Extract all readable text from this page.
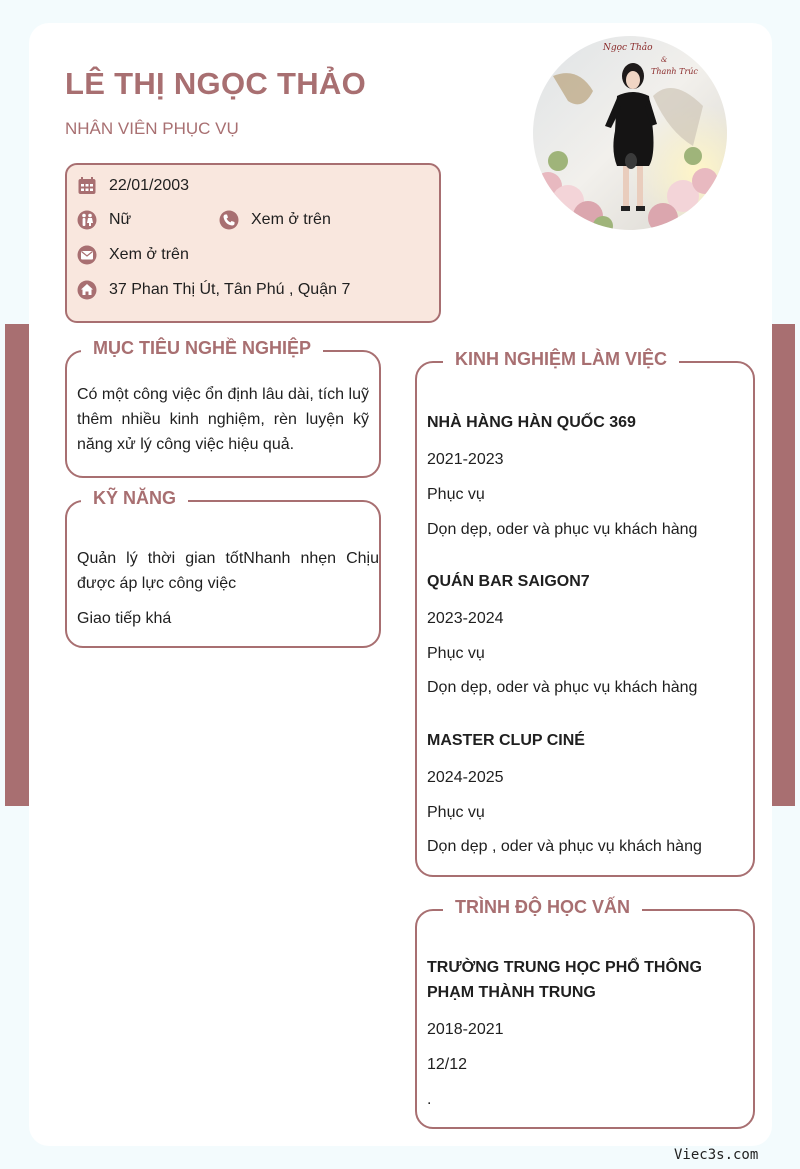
LÊ THỊ NGỌC THẢO
NHÂN VIÊN PHỤC VỤ
Ngọc Thảo
&
Thanh Trúc
22/01/2003
Nữ	Xem ở trên
Xem ở trên
37 Phan Thị Út, Tân Phú , Quận 7
MỤC TIÊU NGHỀ NGHIỆP
Có một công việc ổn định lâu dài, tích luỹ thêm nhiều kinh nghiệm, rèn luyện kỹ năng xử lý công việc hiệu quả.
KỸ NĂNG
Quản lý thời gian tốtNhanh nhẹn Chịu được áp lực công việc
Giao tiếp khá
KINH NGHIỆM LÀM VIỆC
NHÀ HÀNG HÀN QUỐC 369
2021-2023
Phục vụ
Dọn dẹp, oder và phục vụ khách hàng
QUÁN BAR SAIGON7
2023-2024
Phục vụ
Dọn dẹp, oder và phục vụ khách hàng
MASTER CLUP CINÉ
2024-2025
Phục vụ
Dọn dẹp , oder và phục vụ khách hàng
TRÌNH ĐỘ HỌC VẤN
TRƯỜNG TRUNG HỌC PHỔ THÔNG PHẠM THÀNH TRUNG
2018-2021
12/12
.
Viec3s.com
